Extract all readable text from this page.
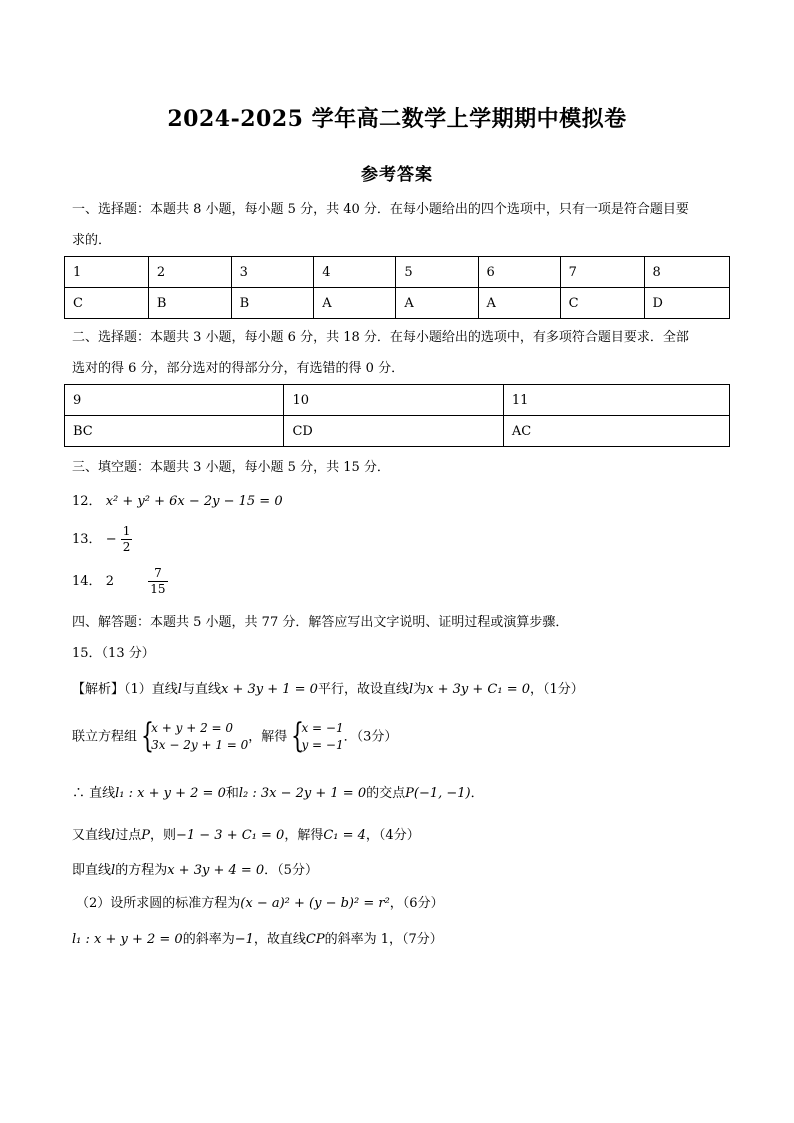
2024-2025 学年高二数学上学期期中模拟卷
参考答案
一、选择题：本题共 8 小题，每小题 5 分，共 40 分．在每小题给出的四个选项中，只有一项是符合题目要
求的．
1	2	3	4	5	6	7	8
C	B	B	A	A	A	C	D
二、选择题：本题共 3 小题，每小题 6 分，共 18 分．在每小题给出的选项中，有多项符合题目要求．全部
选对的得 6 分，部分选对的得部分分，有选错的得 0 分．
9	10	11
BC	CD	AC
三、填空题：本题共 3 小题，每小题 5 分，共 15 分．
12． x² + y² + 6x − 2y − 15 = 0
13． − $\frac{1}{2}$
14． 2	$\frac{7}{15}$
四、解答题：本题共 5 小题，共 77 分．解答应写出文字说明、证明过程或演算步骤．
15．（13 分）
【解析】（1）直线l与直线x + 3y + 1 = 0平行，故设直线l为x + 3y + C₁ = 0，（1分）
联立方程组 {
x + y + 2 = 0
3x − 2y + 1 = 0
，解得 {
x = −1
y = −1
．（3分）
∴ 直线l₁ : x + y + 2 = 0和l₂ : 3x − 2y + 1 = 0的交点P(−1, −1)．
又直线l过点P，则−1 − 3 + C₁ = 0，解得C₁ = 4，（4分）
即直线l的方程为x + 3y + 4 = 0．（5分）
（2）设所求圆的标准方程为(x − a)² + (y − b)² = r²，（6分）
l₁ : x + y + 2 = 0的斜率为−1，故直线CP的斜率为 1，（7分）
